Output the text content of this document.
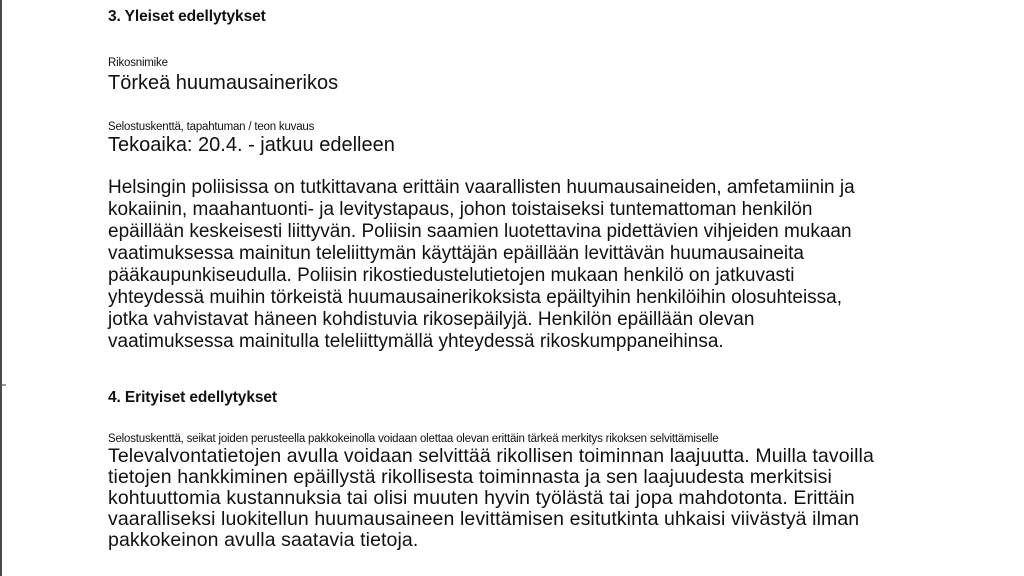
3. Yleiset edellytykset
Rikosnimike
Törkeä huumausainerikos
Selostuskenttä, tapahtuman / teon kuvaus
Tekoaika: 20.4. - jatkuu edelleen
Helsingin poliisissa on tutkittavana erittäin vaarallisten huumausaineiden, amfetamiinin ja
kokaiinin, maahantuonti- ja levitystapaus, johon toistaiseksi tuntemattoman henkilön
epäillään keskeisesti liittyvän. Poliisin saamien luotettavina pidettävien vihjeiden mukaan
vaatimuksessa mainitun teleliittymän käyttäjän epäillään levittävän huumausaineita
pääkaupunkiseudulla. Poliisin rikostiedustelutietojen mukaan henkilö on jatkuvasti
yhteydessä muihin törkeistä huumausainerikoksista epäiltyihin henkilöihin olosuhteissa,
jotka vahvistavat häneen kohdistuvia rikosepäilyjä. Henkilön epäillään olevan
vaatimuksessa mainitulla teleliittymällä yhteydessä rikoskumppaneihinsa.
4. Erityiset edellytykset
Selostuskenttä, seikat joiden perusteella pakkokeinolla voidaan olettaa olevan erittäin tärkeä merkitys rikoksen selvittämiselle
Televalvontatietojen avulla voidaan selvittää rikollisen toiminnan laajuutta. Muilla tavoilla
tietojen hankkiminen epäillystä rikollisesta toiminnasta ja sen laajuudesta merkitsisi
kohtuuttomia kustannuksia tai olisi muuten hyvin työlästä tai jopa mahdotonta. Erittäin
vaaralliseksi luokitellun huumausaineen levittämisen esitutkinta uhkaisi viivästyä ilman
pakkokeinon avulla saatavia tietoja.
